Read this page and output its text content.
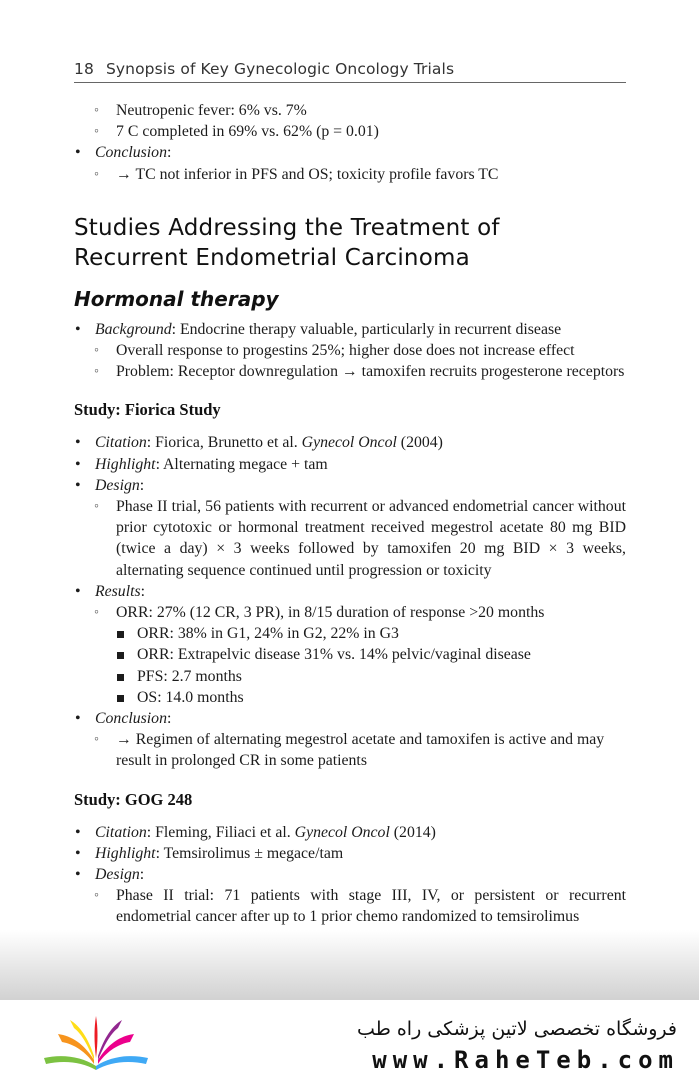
18 Synopsis of Key Gynecologic Oncology Trials
◦ Neutropenic fever: 6% vs. 7%
◦ 7 C completed in 69% vs. 62% (p = 0.01)
• Conclusion:
◦ → TC not inferior in PFS and OS; toxicity profile favors TC
Studies Addressing the Treatment of
Recurrent Endometrial Carcinoma
Hormonal therapy
• Background: Endocrine therapy valuable, particularly in recurrent disease
◦ Overall response to progestins 25%; higher dose does not increase effect
◦ Problem: Receptor downregulation → tamoxifen recruits progesterone receptors
Study: Fiorica Study
• Citation: Fiorica, Brunetto et al. Gynecol Oncol (2004)
• Highlight: Alternating megace + tam
• Design:
◦ Phase II trial, 56 patients with recurrent or advanced endometrial cancer without prior cytotoxic or hormonal treatment received megestrol acetate 80 mg BID (twice a day) × 3 weeks followed by tamoxifen 20 mg BID × 3 weeks, alternating sequence continued until progression or toxicity
• Results:
◦ ORR: 27% (12 CR, 3 PR), in 8/15 duration of response >20 months
ORR: 38% in G1, 24% in G2, 22% in G3
ORR: Extrapelvic disease 31% vs. 14% pelvic/vaginal disease
PFS: 2.7 months
OS: 14.0 months
• Conclusion:
◦ → Regimen of alternating megestrol acetate and tamoxifen is active and may result in prolonged CR in some patients
Study: GOG 248
• Citation: Fleming, Filiaci et al. Gynecol Oncol (2014)
• Highlight: Temsirolimus ± megace/tam
• Design:
◦ Phase II trial: 71 patients with stage III, IV, or persistent or recurrent endometrial cancer after up to 1 prior chemo randomized to temsirolimus
فروشگاه تخصصی لاتین پزشکی راه طب
www.RaheTeb.com
